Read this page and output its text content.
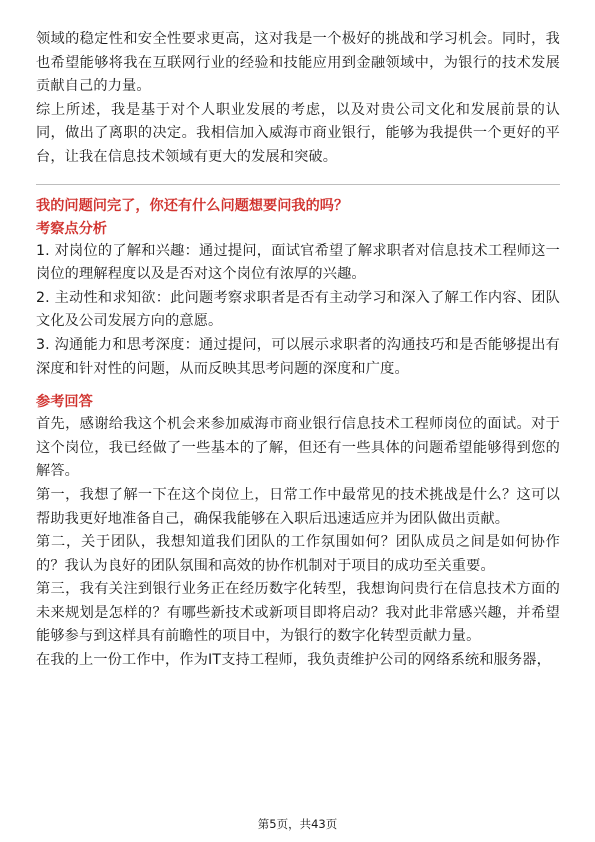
领域的稳定性和安全性要求更高，这对我是一个极好的挑战和学习机会。同时，我也希望能够将我在互联网行业的经验和技能应用到金融领域中，为银行的技术发展贡献自己的力量。

综上所述，我是基于对个人职业发展的考虑，以及对贵公司文化和发展前景的认同，做出了离职的决定。我相信加入威海市商业银行，能够为我提供一个更好的平台，让我在信息技术领域有更大的发展和突破。

我的问题问完了，你还有什么问题想要问我的吗？

考察点分析

1. 对岗位的了解和兴趣：通过提问，面试官希望了解求职者对信息技术工程师这一岗位的理解程度以及是否对这个岗位有浓厚的兴趣。

2. 主动性和求知欲：此问题考察求职者是否有主动学习和深入了解工作内容、团队文化及公司发展方向的意愿。

3. 沟通能力和思考深度：通过提问，可以展示求职者的沟通技巧和是否能够提出有深度和针对性的问题，从而反映其思考问题的深度和广度。

参考回答

首先，感谢给我这个机会来参加威海市商业银行信息技术工程师岗位的面试。对于这个岗位，我已经做了一些基本的了解，但还有一些具体的问题希望能够得到您的解答。

第一，我想了解一下在这个岗位上，日常工作中最常见的技术挑战是什么？这可以帮助我更好地准备自己，确保我能够在入职后迅速适应并为团队做出贡献。

第二，关于团队，我想知道我们团队的工作氛围如何？团队成员之间是如何协作的？我认为良好的团队氛围和高效的协作机制对于项目的成功至关重要。

第三，我有关注到银行业务正在经历数字化转型，我想询问贵行在信息技术方面的未来规划是怎样的？有哪些新技术或新项目即将启动？我对此非常感兴趣，并希望能够参与到这样具有前瞻性的项目中，为银行的数字化转型贡献力量。

在我的上一份工作中，作为IT支持工程师，我负责维护公司的网络系统和服务器，

第5页，共43页
